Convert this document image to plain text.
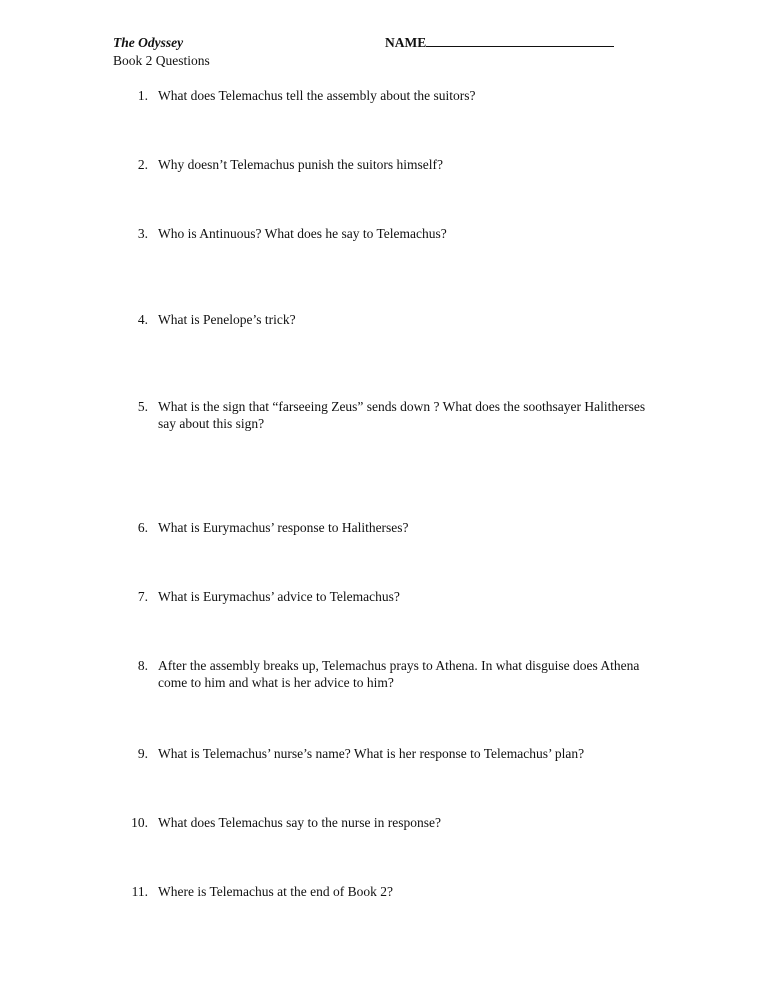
The Odyssey	NAME
Book 2 Questions
1. What does Telemachus tell the assembly about the suitors?
2. Why doesn’t Telemachus punish the suitors himself?
3. Who is Antinuous? What does he say to Telemachus?
4. What is Penelope’s trick?
5. What is the sign that “farseeing Zeus” sends down ? What does the soothsayer Halitherses say about this sign?
6. What is Eurymachus’ response to Halitherses?
7. What is Eurymachus’ advice to Telemachus?
8. After the assembly breaks up, Telemachus prays to Athena. In what disguise does Athena come to him and what is her advice to him?
9. What is Telemachus’ nurse’s name? What is her response to Telemachus’ plan?
10. What does Telemachus say to the nurse in response?
11. Where is Telemachus at the end of Book 2?
